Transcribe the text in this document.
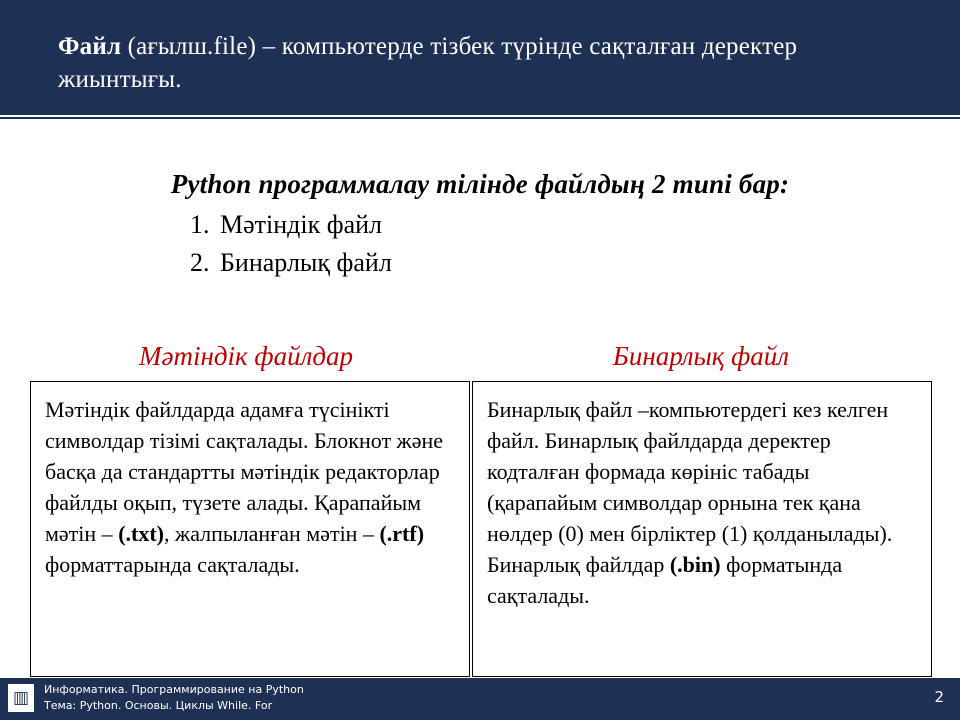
Файл (ағылш.file) – компьютерде тізбек түрінде сақталған деректер жиынтығы.
Python программалау тілінде файлдың 2 типі бар:
1. Мәтіндік файл
2. Бинарлық файл
Мәтіндік файлдар
Мәтіндік файлдарда адамға түсінікті символдар тізімі сақталады. Блокнот және басқа да стандартты мәтіндік редакторлар файлды оқып, түзете алады. Қарапайым мәтін – (.txt), жалпыланған мәтін – (.rtf) форматтарында сақталады.
Бинарлық файл
Бинарлық файл –компьютердегі кез келген файл. Бинарлық файлдарда деректер кодталған формада көрініс табады (қарапайым символдар орнына тек қана нөлдер (0) мен бірліктер (1) қолданылады). Бинарлық файлдар (.bin) форматында сақталады.
▥	Информатика. Программирование на Python
Тема: Python. Основы. Циклы While. For	2
